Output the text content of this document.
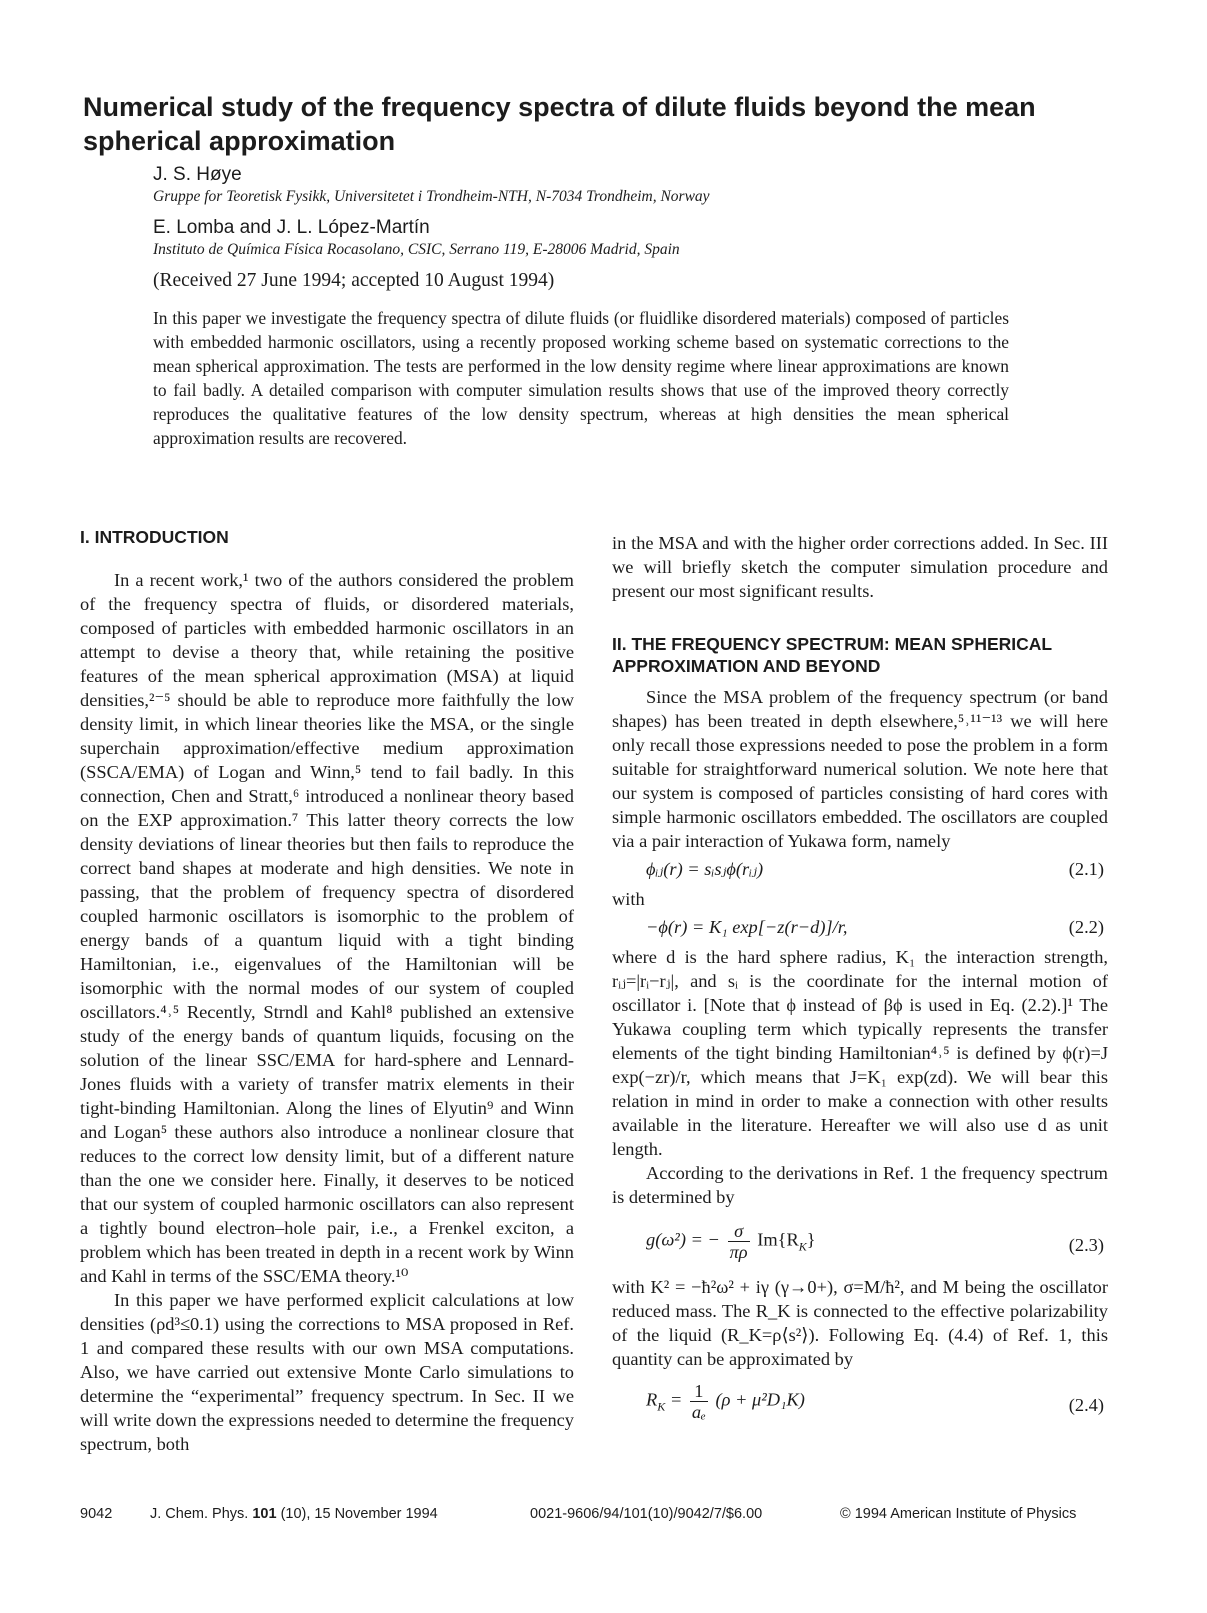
Numerical study of the frequency spectra of dilute fluids beyond the mean spherical approximation
J. S. Høye
Gruppe for Teoretisk Fysikk, Universitetet i Trondheim-NTH, N-7034 Trondheim, Norway
E. Lomba and J. L. López-Martín
Instituto de Química Física Rocasolano, CSIC, Serrano 119, E-28006 Madrid, Spain
(Received 27 June 1994; accepted 10 August 1994)
In this paper we investigate the frequency spectra of dilute fluids (or fluidlike disordered materials) composed of particles with embedded harmonic oscillators, using a recently proposed working scheme based on systematic corrections to the mean spherical approximation. The tests are performed in the low density regime where linear approximations are known to fail badly. A detailed comparison with computer simulation results shows that use of the improved theory correctly reproduces the qualitative features of the low density spectrum, whereas at high densities the mean spherical approximation results are recovered.
I. INTRODUCTION

In a recent work,¹ two of the authors considered the problem of the frequency spectra of fluids, or disordered materials, composed of particles with embedded harmonic oscillators in an attempt to devise a theory that, while retaining the positive features of the mean spherical approximation (MSA) at liquid densities,²⁻⁵ should be able to reproduce more faithfully the low density limit, in which linear theories like the MSA, or the single superchain approximation/effective medium approximation (SSCA/EMA) of Logan and Winn,⁵ tend to fail badly. In this connection, Chen and Stratt,⁶ introduced a nonlinear theory based on the EXP approximation.⁷ This latter theory corrects the low density deviations of linear theories but then fails to reproduce the correct band shapes at moderate and high densities. We note in passing, that the problem of frequency spectra of disordered coupled harmonic oscillators is isomorphic to the problem of energy bands of a quantum liquid with a tight binding Hamiltonian, i.e., eigenvalues of the Hamiltonian will be isomorphic with the normal modes of our system of coupled oscillators.⁴˒⁵ Recently, Strndl and Kahl⁸ published an extensive study of the energy bands of quantum liquids, focusing on the solution of the linear SSC/EMA for hard-sphere and Lennard-Jones fluids with a variety of transfer matrix elements in their tight-binding Hamiltonian. Along the lines of Elyutin⁹ and Winn and Logan⁵ these authors also introduce a nonlinear closure that reduces to the correct low density limit, but of a different nature than the one we consider here. Finally, it deserves to be noticed that our system of coupled harmonic oscillators can also represent a tightly bound electron–hole pair, i.e., a Frenkel exciton, a problem which has been treated in depth in a recent work by Winn and Kahl in terms of the SSC/EMA theory.¹⁰

In this paper we have performed explicit calculations at low densities (ρd³≤0.1) using the corrections to MSA proposed in Ref. 1 and compared these results with our own MSA computations. Also, we have carried out extensive Monte Carlo simulations to determine the “experimental” frequency spectrum. In Sec. II we will write down the expressions needed to determine the frequency spectrum, both

in the MSA and with the higher order corrections added. In Sec. III we will briefly sketch the computer simulation procedure and present our most significant results.

II. THE FREQUENCY SPECTRUM: MEAN SPHERICAL APPROXIMATION AND BEYOND

Since the MSA problem of the frequency spectrum (or band shapes) has been treated in depth elsewhere,⁵˒¹¹⁻¹³ we will here only recall those expressions needed to pose the problem in a form suitable for straightforward numerical solution. We note here that our system is composed of particles consisting of hard cores with simple harmonic oscillators embedded. The oscillators are coupled via a pair interaction of Yukawa form, namely

ϕᵢⱼ(r) = sᵢsⱼϕ(rᵢⱼ)	(2.1)

with

−ϕ(r) = K₁ exp[−z(r−d)]/r,	(2.2)

where d is the hard sphere radius, K₁ the interaction strength, rᵢⱼ=|rᵢ−rⱼ|, and sᵢ is the coordinate for the internal motion of oscillator i. [Note that ϕ instead of βϕ is used in Eq. (2.2).]¹ The Yukawa coupling term which typically represents the transfer elements of the tight binding Hamiltonian⁴˒⁵ is defined by ϕ(r)=J exp(−zr)/r, which means that J=K₁ exp(zd). We will bear this relation in mind in order to make a connection with other results available in the literature. Hereafter we will also use d as unit length.

According to the derivations in Ref. 1 the frequency spectrum is determined by

g(ω²) = − $\frac{\sigma}{\pi\rho} Im\{R_K\}$	(2.3)

with K² = −ħ²ω² + iγ (γ→0+), σ=M/ħ², and M being the oscillator reduced mass. The R_K is connected to the effective polarizability of the liquid (R_K=ρ⟨s²⟩). Following Eq. (4.4) of Ref. 1, this quantity can be approximated by

$R_K = \frac{1}{\text{aₑ}} (\rho + \mu^2D_1K)$	(2.4)
9042	J. Chem. Phys. 101 (10), 15 November 1994	0021-9606/94/101(10)/9042/7/$6.00	© 1994 American Institute of Physics
